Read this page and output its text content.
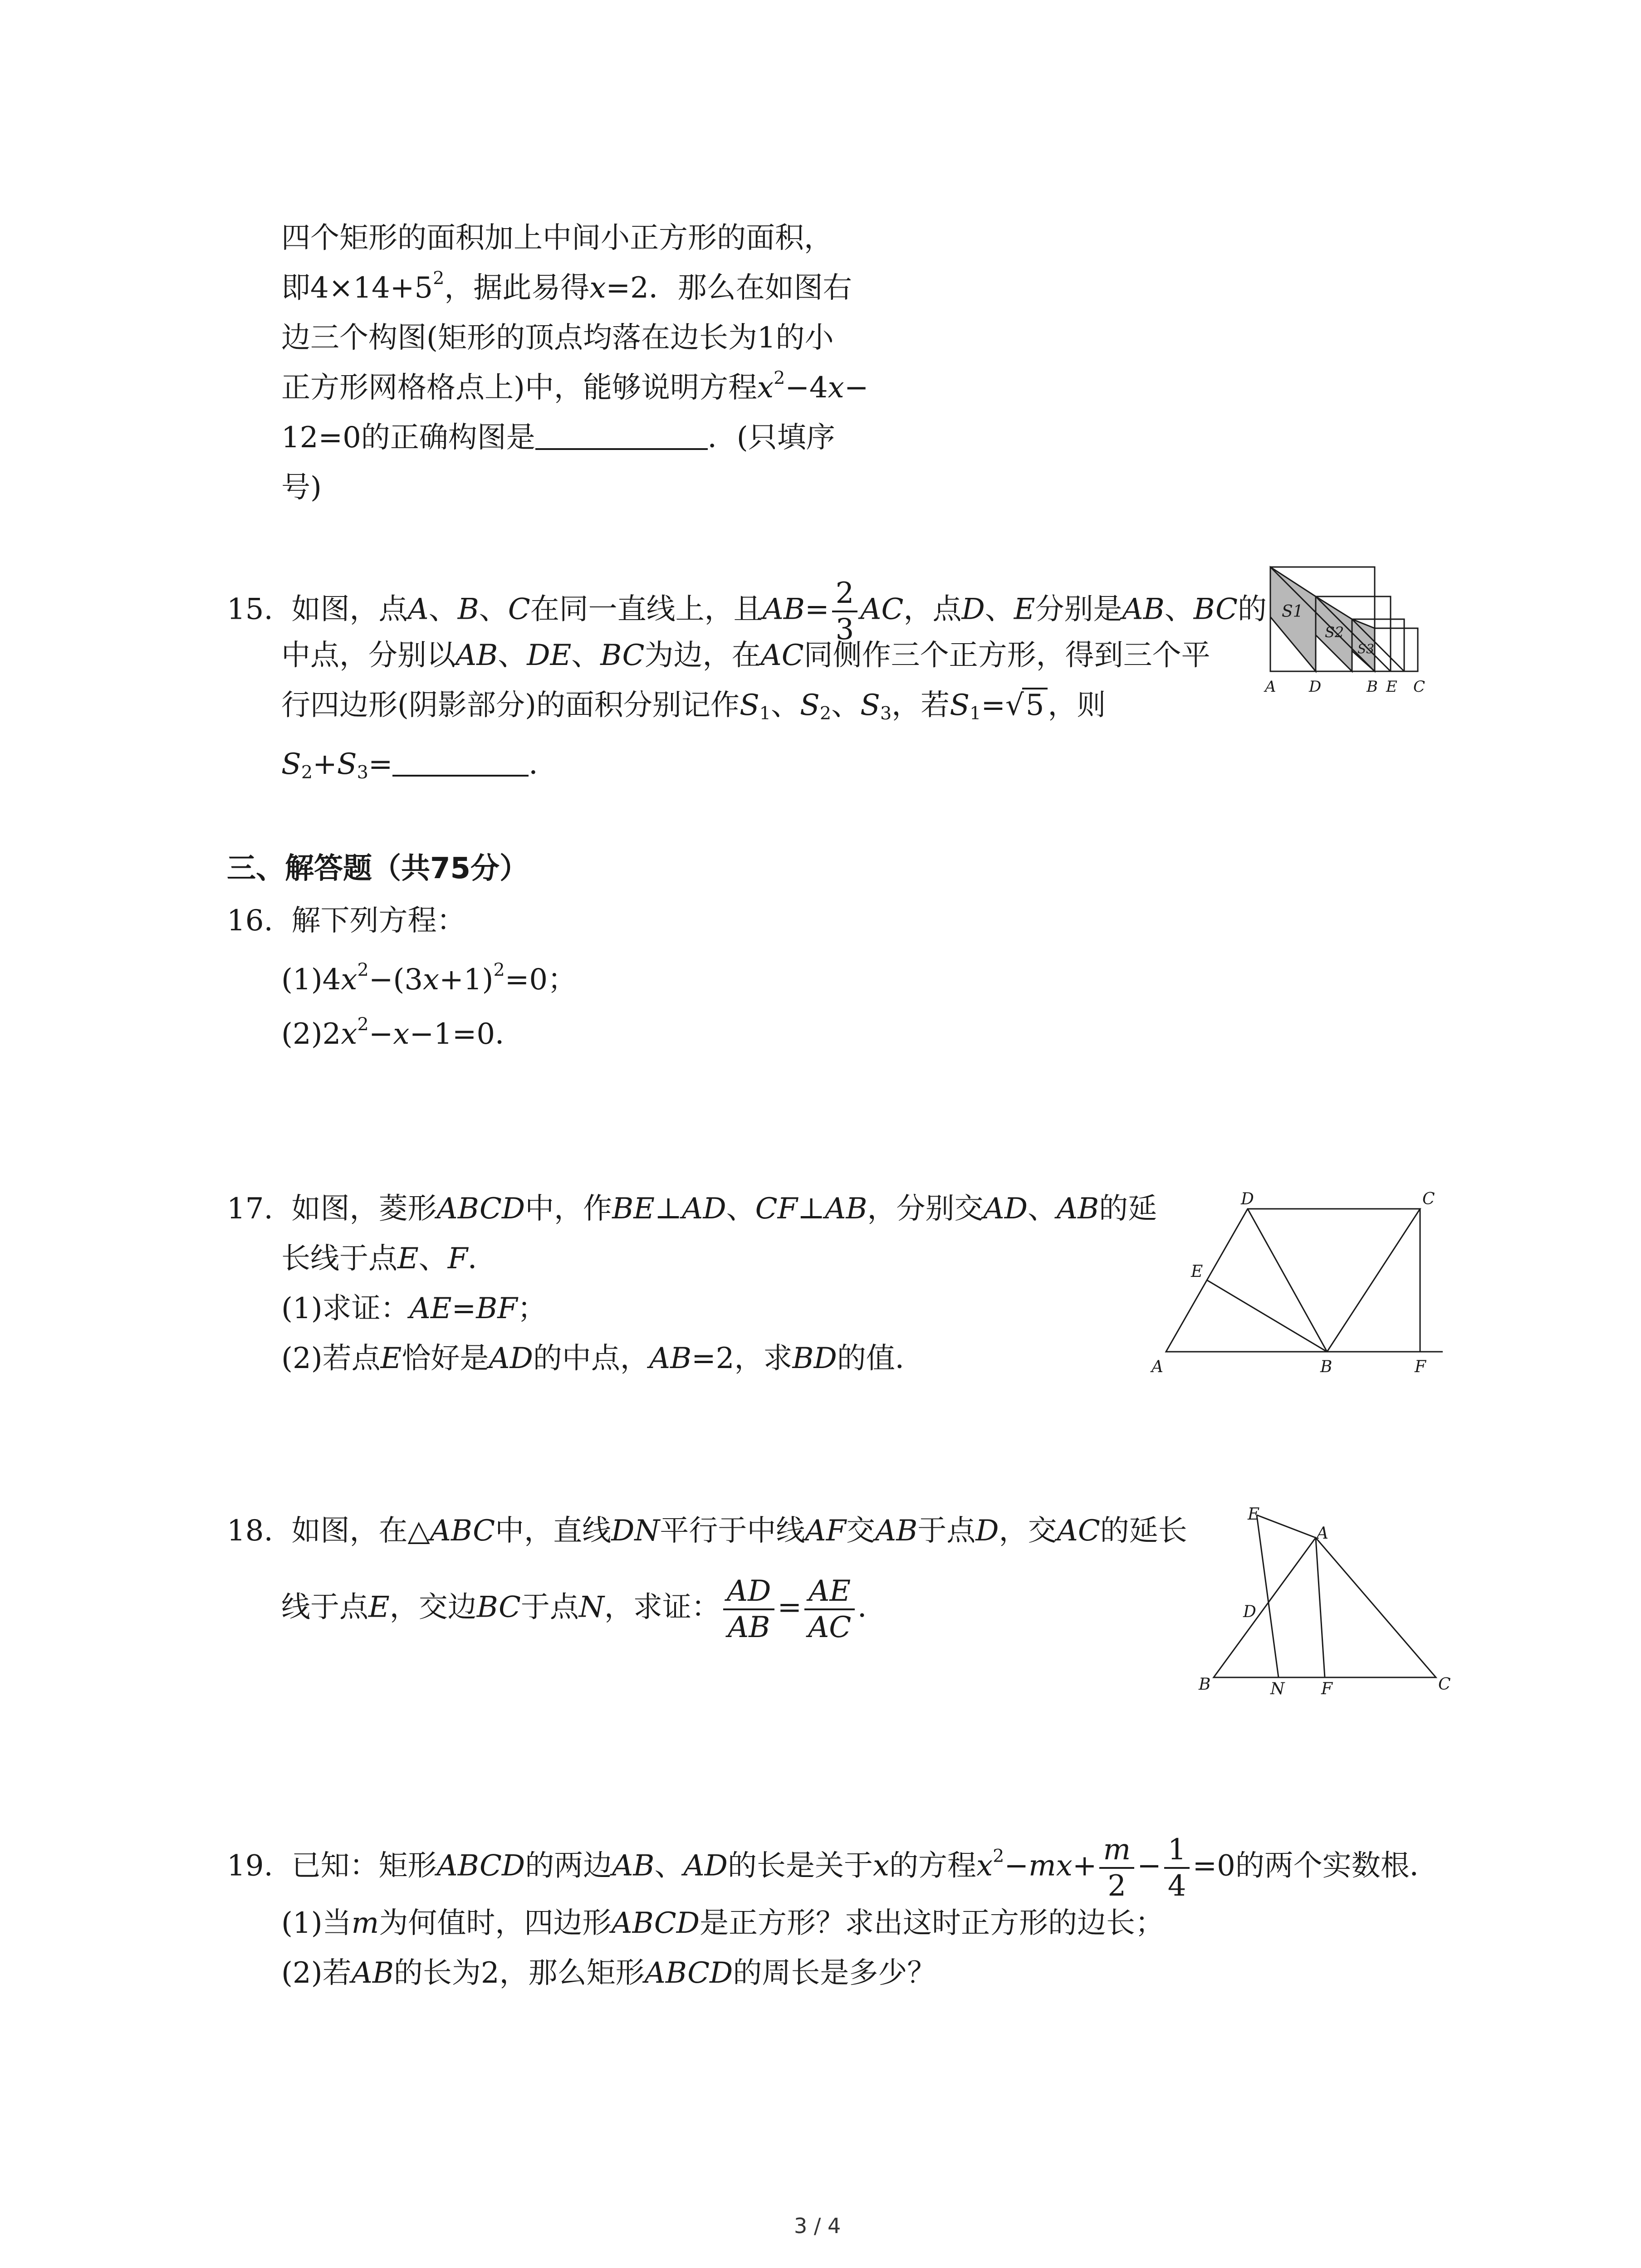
四个矩形的面积加上中间小正方形的面积，
即$4\times 14+5^2$，据此易得x=2．那么在如图右
边三个构图(矩形的顶点均落在边长为1的小
正方形网格格点上)中，能够说明方程$x^2-4x-$
12=0的正确构图是	．(只填序
号)
15. 如图，点A、B、C在同一直线上，且$AB= \frac{2}{3}$ AC，点D、E分别是AB、BC的
中点，分别以AB、DE、BC为边，在AC同侧作三个正方形，得到三个平
行四边形(阴影部分)的面积分别记作$S_1$、$S_2$、$S_3$，若$S_1=√5$ ，则
$S_2+S_3=$	．
S1
S2
S3
A D	B E C
三、解答题（共75分）
16. 解下列方程：
$(1)4x^2-(3x+1)^2=0$；
$(2)2x^2-x-1=0$．
17. 如图，菱形ABCD中，作BE⊥AD、CF⊥AB，分别交AD、AB的延
长线于点E、F．
(1)求证：AE=BF；
(2)若点E恰好是AD的中点，AB=2，求BD的值．	A	B
C
D
E
F
18. 如图，在△ABC中，直线DN平行于中线AF交AB于点D，交AC的延长
线于点E，交边BC于点N，求证： $\frac{AD}{AB} = \frac{AE}{AC}$ ．
E
A
D
B	N F	C
19. 已知：矩形ABCD的两边AB、AD的长是关于x的方程$x^2-mx+ \frac{m}{2} - \frac{1}{4} =0$的两个实数根．
(1)当m为何值时，四边形ABCD是正方形？求出这时正方形的边长；
(2)若AB的长为2，那么矩形ABCD的周长是多少？
3 / 4
